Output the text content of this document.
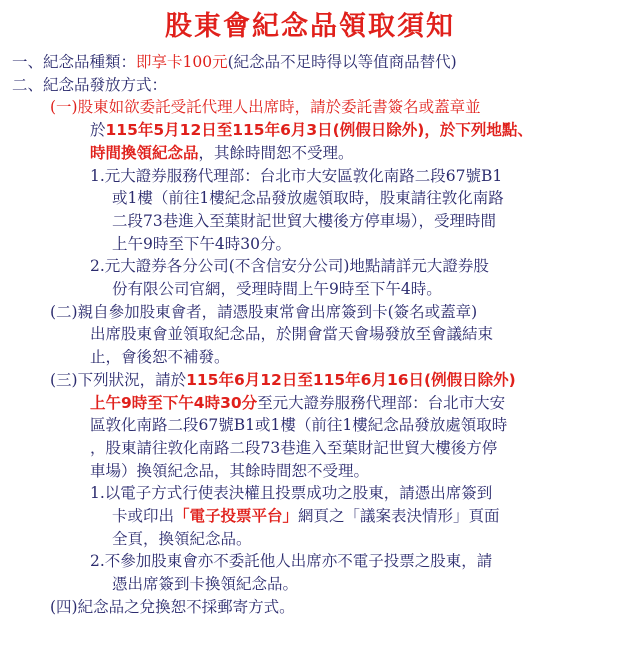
股東會紀念品領取須知
一、紀念品種類：即享卡100元(紀念品不足時得以等值商品替代)
二、紀念品發放方式：
(一)股東如欲委託受託代理人出席時，請於委託書簽名或蓋章並
於115年5月12日至115年6月3日(例假日除外)，於下列地點、
時間換領紀念品，其餘時間恕不受理。
1.元大證券服務代理部：台北市大安區敦化南路二段67號B1
或1樓（前往1樓紀念品發放處領取時，股東請往敦化南路
二段73巷進入至葉財記世貿大樓後方停車場），受理時間
上午9時至下午4時30分。
2.元大證券各分公司(不含信安分公司)地點請詳元大證券股
份有限公司官網，受理時間上午9時至下午4時。
(二)親自參加股東會者，請憑股東常會出席簽到卡(簽名或蓋章)
出席股東會並領取紀念品，於開會當天會場發放至會議結束
止，會後恕不補發。
(三)下列狀況，請於115年6月12日至115年6月16日(例假日除外)
上午9時至下午4時30分至元大證券服務代理部：台北市大安
區敦化南路二段67號B1或1樓（前往1樓紀念品發放處領取時
，股東請往敦化南路二段73巷進入至葉財記世貿大樓後方停
車場）換領紀念品，其餘時間恕不受理。
1.以電子方式行使表決權且投票成功之股東，請憑出席簽到
卡或印出「電子投票平台」網頁之「議案表決情形」頁面
全頁，換領紀念品。
2.不參加股東會亦不委託他人出席亦不電子投票之股東，請
憑出席簽到卡換領紀念品。
(四)紀念品之兌換恕不採郵寄方式。
